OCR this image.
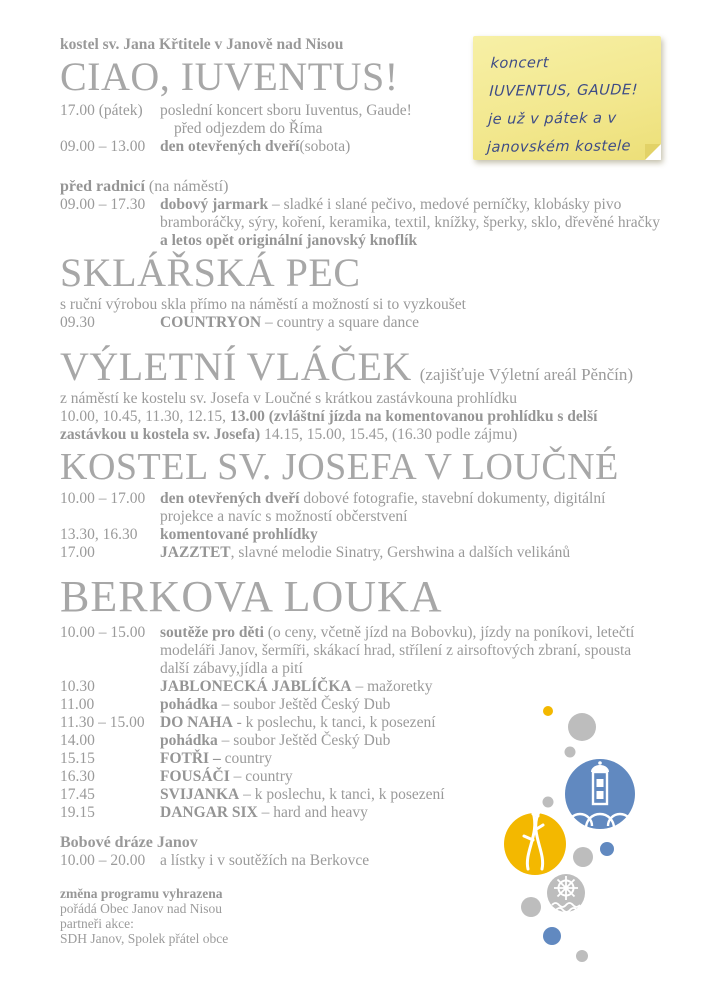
kostel sv. Jana Křtitele v Janově nad Nisou
CIAO, IUVENTUS!
17.00 (pátek)	poslední koncert sboru Iuventus, Gaude!
před odjezdem do Říma
09.00 – 13.00 den otevřených dveří(sobota)
před radnicí (na náměstí)
09.00 – 17.30 dobový jarmark – sladké i slané pečivo, medové perníčky, klobásky pivo bramboráčky, sýry, koření, keramika, textil, knížky, šperky, sklo, dřevěné hračky a letos opět originální janovský knoflík
SKLÁŘSKÁ PEC
s ruční výrobou skla přímo na náměstí a možností si to vyzkoušet
09.30	COUNTRYON – country a square dance
VÝLETNÍ VLÁČEK (zajišťuje Výletní areál Pěnčín)
z náměstí ke kostelu sv. Josefa v Loučné s krátkou zastávkouna prohlídku
10.00, 10.45, 11.30, 12.15, 13.00 (zvláštní jízda na komentovanou prohlídku s delší zastávkou u kostela sv. Josefa) 14.15, 15.00, 15.45, (16.30 podle zájmu)
KOSTEL SV. JOSEFA V LOUČNÉ
10.00 – 17.00 den otevřených dveří dobové fotografie, stavební dokumenty, digitální projekce a navíc s možností občerstvení
13.30, 16.30	komentované prohlídky
17.00	JAZZTET, slavné melodie Sinatry, Gershwina a dalších velikánů
BERKOVA LOUKA
10.00 – 15.00 soutěže pro děti (o ceny, včetně jízd na Bobovku), jízdy na poníkovi, letečtí modeláři Janov, šermíři, skákací hrad, střílení z airsoftových zbraní, spousta další zábavy,jídla a pití
10.30	JABLONECKÁ JABLÍČKA – mažoretky
11.00	pohádka – soubor Ještěd Český Dub
11.30 – 15.00 DO NAHA - k poslechu, k tanci, k posezení
14.00	pohádka – soubor Ještěd Český Dub
15.15	FOTŘI – country
16.30	FOUSÁČI – country
17.45	SVIJANKA – k poslechu, k tanci, k posezení
19.15	DANGAR SIX – hard and heavy
Bobové dráze Janov
10.00 – 20.00 a lístky i v soutěžích na Berkovce
změna programu vyhrazena
pořádá Obec Janov nad Nisou
partneři akce:
SDH Janov, Spolek přátel obce
koncert
IUVENTUS, GAUDE!
je už v pátek a v
janovském kostele
